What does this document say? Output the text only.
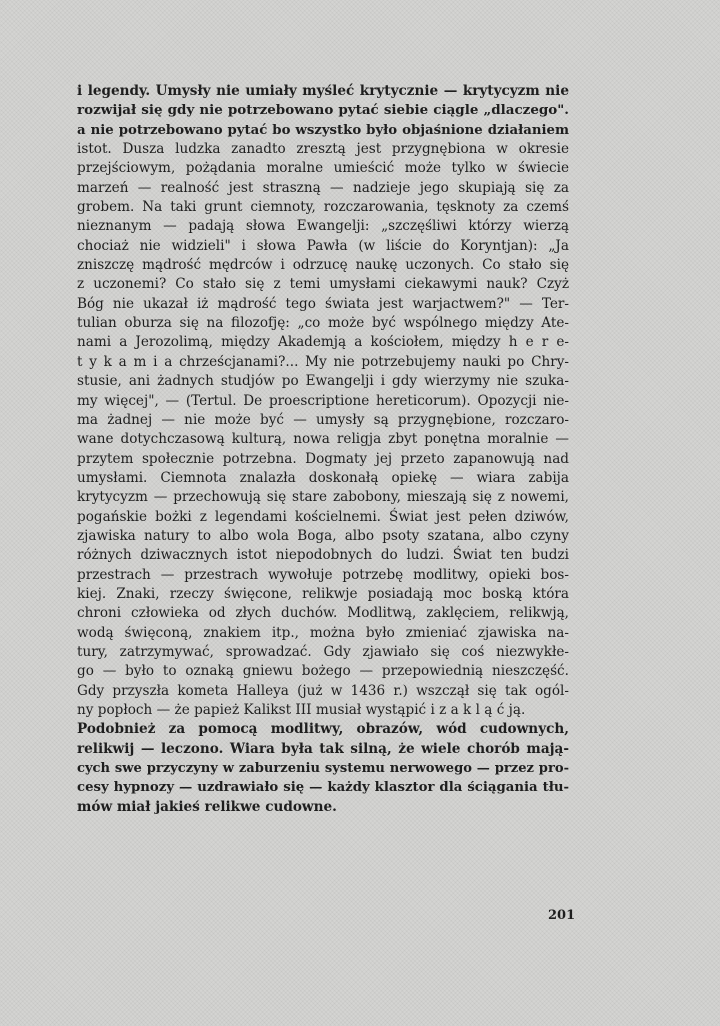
i legendy. Umysły nie umiały myśleć krytycznie — krytycyzm nie
rozwijał się gdy nie potrzebowano pytać siebie ciągle „dlaczego".
a nie potrzebowano pytać bo wszystko było objaśnione działaniem
istot. Dusza ludzka zanadto zresztą jest przygnębiona w okresie
przejściowym, pożądania moralne umieścić może tylko w świecie
marzeń — realność jest straszną — nadzieje jego skupiają się za
grobem. Na taki grunt ciemnoty, rozczarowania, tęsknoty za czemś
nieznanym — padają słowa Ewangelji: „szczęśliwi którzy wierzą
chociaż nie widzieli" i słowa Pawła (w liście do Koryntjan): „Ja
zniszczę mądrość mędrców i odrzucę naukę uczonych. Co stało się
z uczonemi? Co stało się z temi umysłami ciekawymi nauk? Czyż
Bóg nie ukazał iż mądrość tego świata jest warjactwem?" — Ter-
tulian oburza się na filozofję: „co może być wspólnego między Ate-
nami a Jerozolimą, między Akademją a kościołem, między h e r e-
t y k a m i a chrześcjanami?... My nie potrzebujemy nauki po Chry-
stusie, ani żadnych studjów po Ewangelji i gdy wierzymy nie szuka-
my więcej", — (Tertul. De proescriptione hereticorum). Opozycji nie-
ma żadnej — nie może być — umysły są przygnębione, rozczaro-
wane dotychczasową kulturą, nowa religja zbyt ponętna moralnie —
przytem społecznie potrzebna. Dogmaty jej przeto zapanowują nad
umysłami. Ciemnota znalazła doskonałą opiekę — wiara zabija
krytycyzm — przechowują się stare zabobony, mieszają się z nowemi,
pogańskie bożki z legendami kościelnemi. Świat jest pełen dziwów,
zjawiska natury to albo wola Boga, albo psoty szatana, albo czyny
różnych dziwacznych istot niepodobnych do ludzi. Świat ten budzi
przestrach — przestrach wywołuje potrzebę modlitwy, opieki bos-
kiej. Znaki, rzeczy święcone, relikwje posiadają moc boską która
chroni człowieka od złych duchów. Modlitwą, zaklęciem, relikwją,
wodą święconą, znakiem itp., można było zmieniać zjawiska na-
tury, zatrzymywać, sprowadzać. Gdy zjawiało się coś niezwykłe-
go — było to oznaką gniewu bożego — przepowiednią nieszczęść.
Gdy przyszła kometa Halleya (już w 1436 r.) wszczął się tak ogól-
ny popłoch — że papież Kalikst III musiał wystąpić i z a k l ą ć ją.
Podobnież za pomocą modlitwy, obrazów, wód cudownych,
relikwij — leczono. Wiara była tak silną, że wiele chorób mają-
cych swe przyczyny w zaburzeniu systemu nerwowego — przez pro-
cesy hypnozy — uzdrawiało się — każdy klasztor dla ściągania tłu-
mów miał jakieś relikwe cudowne.
201
